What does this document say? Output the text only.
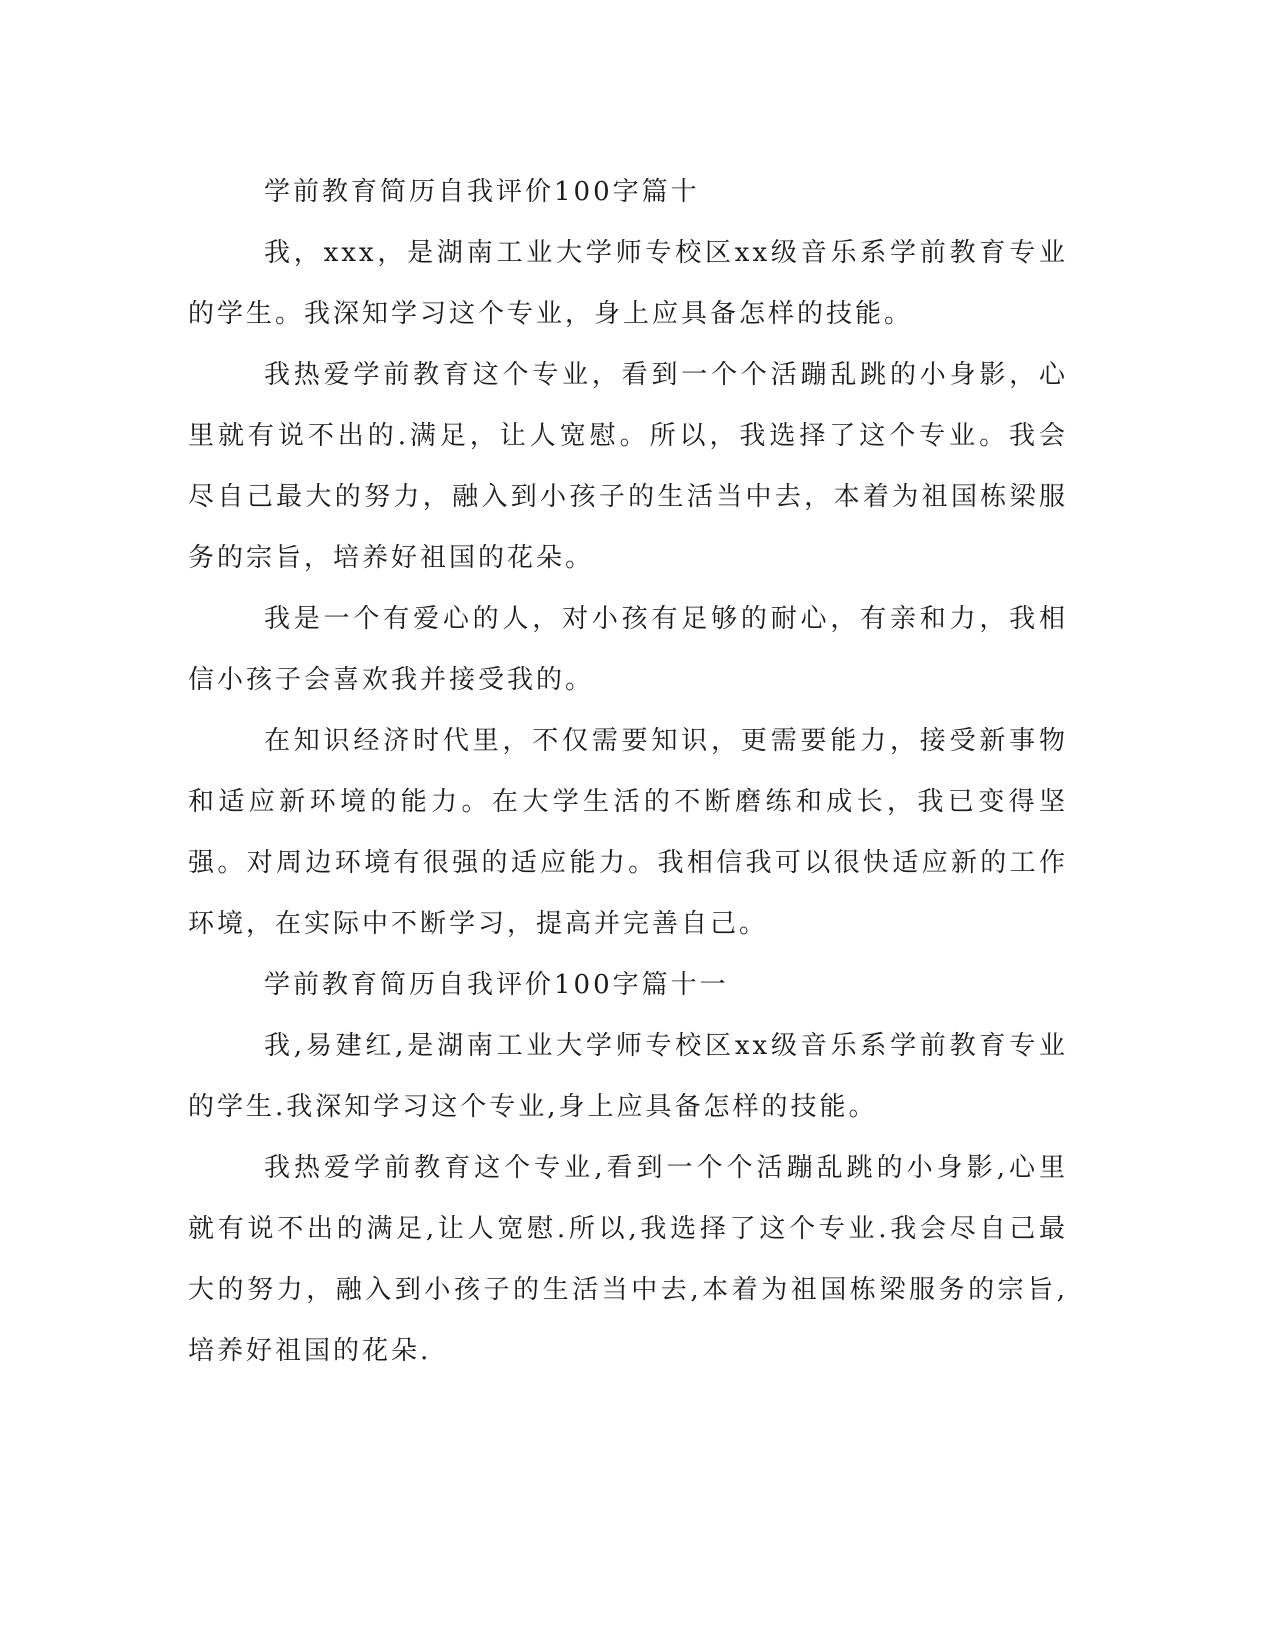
学前教育简历自我评价100字篇十

我，xxx，是湖南工业大学师专校区xx级音乐系学前教育专业的学生。我深知学习这个专业，身上应具备怎样的技能。

我热爱学前教育这个专业，看到一个个活蹦乱跳的小身影，心里就有说不出的.满足，让人宽慰。所以，我选择了这个专业。我会尽自己最大的努力，融入到小孩子的生活当中去，本着为祖国栋梁服务的宗旨，培养好祖国的花朵。

我是一个有爱心的人，对小孩有足够的耐心，有亲和力，我相信小孩子会喜欢我并接受我的。

在知识经济时代里，不仅需要知识，更需要能力，接受新事物和适应新环境的能力。在大学生活的不断磨练和成长，我已变得坚强。对周边环境有很强的适应能力。我相信我可以很快适应新的工作环境，在实际中不断学习，提高并完善自己。

学前教育简历自我评价100字篇十一

我,易建红,是湖南工业大学师专校区xx级音乐系学前教育专业的学生.我深知学习这个专业,身上应具备怎样的技能。

我热爱学前教育这个专业,看到一个个活蹦乱跳的小身影,心里就有说不出的满足,让人宽慰.所以,我选择了这个专业.我会尽自己最大的努力，融入到小孩子的生活当中去,本着为祖国栋梁服务的宗旨,培养好祖国的花朵.
